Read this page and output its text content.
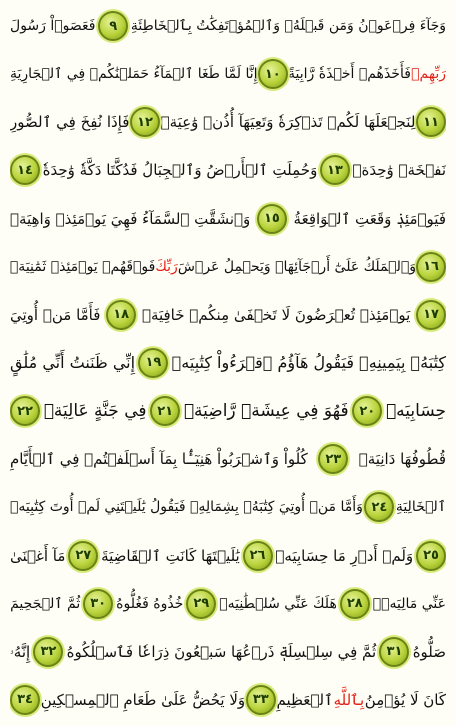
وَجَآءَ فِرۡعَوۡنُ وَمَن قَبۡلَهُۥ وَٱلۡمُؤۡتَفِكَٰتُ بِٱلۡخَاطِئَةِ
٩
فَعَصَوۡاْ رَسُولَ
رَبِّهِمۡ
فَأَخَذَهُمۡ أَخۡذَةٗ رَّابِيَةً
١٠
إِنَّا لَمَّا طَغَا ٱلۡمَآءُ حَمَلۡنَٰكُمۡ فِي ٱلۡجَارِيَةِ
١١
لِنَجۡعَلَهَا لَكُمۡ تَذۡكِرَةٗ وَتَعِيَهَآ أُذُنٞ وَٰعِيَةٞ
١٢
فَإِذَا نُفِخَ فِي ٱلصُّورِ
نَفۡخَةٞ وَٰحِدَةٞ
١٣
وَحُمِلَتِ ٱلۡأَرۡضُ وَٱلۡجِبَالُ فَدُكَّتَا دَكَّةٗ وَٰحِدَةٗ
١٤
فَيَوۡمَئِذٖ وَقَعَتِ ٱلۡوَاقِعَةُ
١٥
وَٱنشَقَّتِ ٱلسَّمَآءُ فَهِيَ يَوۡمَئِذٖ وَاهِيَةٞ
١٦
وَٱلۡمَلَكُ عَلَىٰٓ أَرۡجَآئِهَاۚ وَيَحۡمِلُ عَرۡشَ
رَبِّكَ
فَوۡقَهُمۡ يَوۡمَئِذٖ ثَمَٰنِيَةٞ
١٧
يَوۡمَئِذٖ تُعۡرَضُونَ لَا تَخۡفَىٰ مِنكُمۡ خَافِيَةٞ
١٨
فَأَمَّا مَنۡ أُوتِيَ
كِتَٰبَهُۥ بِيَمِينِهِۦ فَيَقُولُ هَآؤُمُ ٱقۡرَءُواْ كِتَٰبِيَهۡ
١٩
إِنِّي ظَنَنتُ أَنِّي مُلَٰقٍ
حِسَابِيَهۡ
٢٠
فَهُوَ فِي عِيشَةٖ رَّاضِيَةٖ
٢١
فِي جَنَّةٍ عَالِيَةٖ
٢٢
قُطُوفُهَا دَانِيَةٞ
٢٣
كُلُواْ وَٱشۡرَبُواْ هَنِيٓـَٔۢا بِمَآ أَسۡلَفۡتُمۡ فِي ٱلۡأَيَّامِ
ٱلۡخَالِيَةِ
٢٤
وَأَمَّا مَنۡ أُوتِيَ كِتَٰبَهُۥ بِشِمَالِهِۦ فَيَقُولُ يَٰلَيۡتَنِي لَمۡ أُوتَ كِتَٰبِيَهۡ
٢٥
وَلَمۡ أَدۡرِ مَا حِسَابِيَهۡ
٢٦
يَٰلَيۡتَهَا كَانَتِ ٱلۡقَاضِيَةَ
٢٧
مَآ أَغۡنَىٰ
عَنِّي مَالِيَهۡۜ
٢٨
هَلَكَ عَنِّي سُلۡطَٰنِيَهۡ
٢٩
خُذُوهُ فَغُلُّوهُ
٣٠
ثُمَّ ٱلۡجَحِيمَ
صَلُّوهُ
٣١
ثُمَّ فِي سِلۡسِلَةٖ ذَرۡعُهَا سَبۡعُونَ ذِرَاعٗا فَٱسۡلُكُوهُ
٣٢
إِنَّهُۥ
كَانَ لَا يُؤۡمِنُ
بِٱللَّهِ
ٱلۡعَظِيمِ
٣٣
وَلَا يَحُضُّ عَلَىٰ طَعَامِ ٱلۡمِسۡكِينِ
٣٤
